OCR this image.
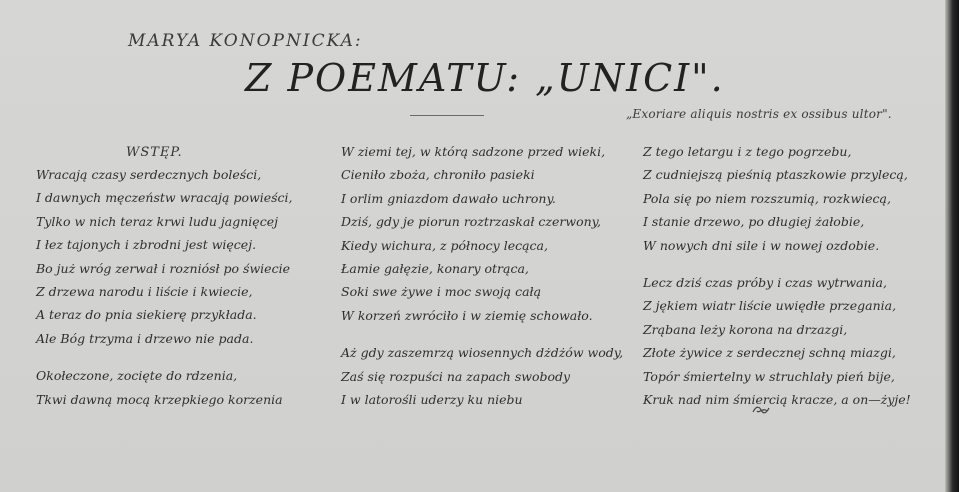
MARYA KONOPNICKA:
Z POEMATU: „UNICI".
„Exoriare aliquis nostris ex ossibus ultor".
WSTĘP.
Wracają czasy serdecznych boleści,
I dawnych męczeństw wracają powieści,
Tylko w nich teraz krwi ludu jagnięcej
I łez tajonych i zbrodni jest więcej.
Bo już wróg zerwał i rozniósł po świecie
Z drzewa narodu i liście i kwiecie,
A teraz do pnia siekierę przykłada.
Ale Bóg trzyma i drzewo nie pada.
Okołeczone, zocięte do rdzenia,
Tkwi dawną mocą krzepkiego korzenia
W ziemi tej, w którą sadzone przed wieki,
Cieniło zboża, chroniło pasieki
I orlim gniazdom dawało uchrony.
Dziś, gdy je piorun roztrzaskał czerwony,
Kiedy wichura, z północy lecąca,
Łamie gałęzie, konary otrąca,
Soki swe żywe i moc swoją całą
W korzeń zwróciło i w ziemię schowało.
Aż gdy zaszemrzą wiosennych dżdżów wody,
Zaś się rozpuści na zapach swobody
I w latorośli uderzy ku niebu
Z tego letargu i z tego pogrzebu,
Z cudniejszą pieśnią ptaszkowie przylecą,
Pola się po niem rozszumią, rozkwiecą,
I stanie drzewo, po długiej żałobie,
W nowych dni sile i w nowej ozdobie.
Lecz dziś czas próby i czas wytrwania,
Z jękiem wiatr liście uwiędłe przegania,
Zrąbana leży korona na drzazgi,
Złote żywice z serdecznej schną miazgi,
Topór śmiertelny w struchlały pień bije,
Kruk nad nim śmiercią kracze, a on—żyje!
